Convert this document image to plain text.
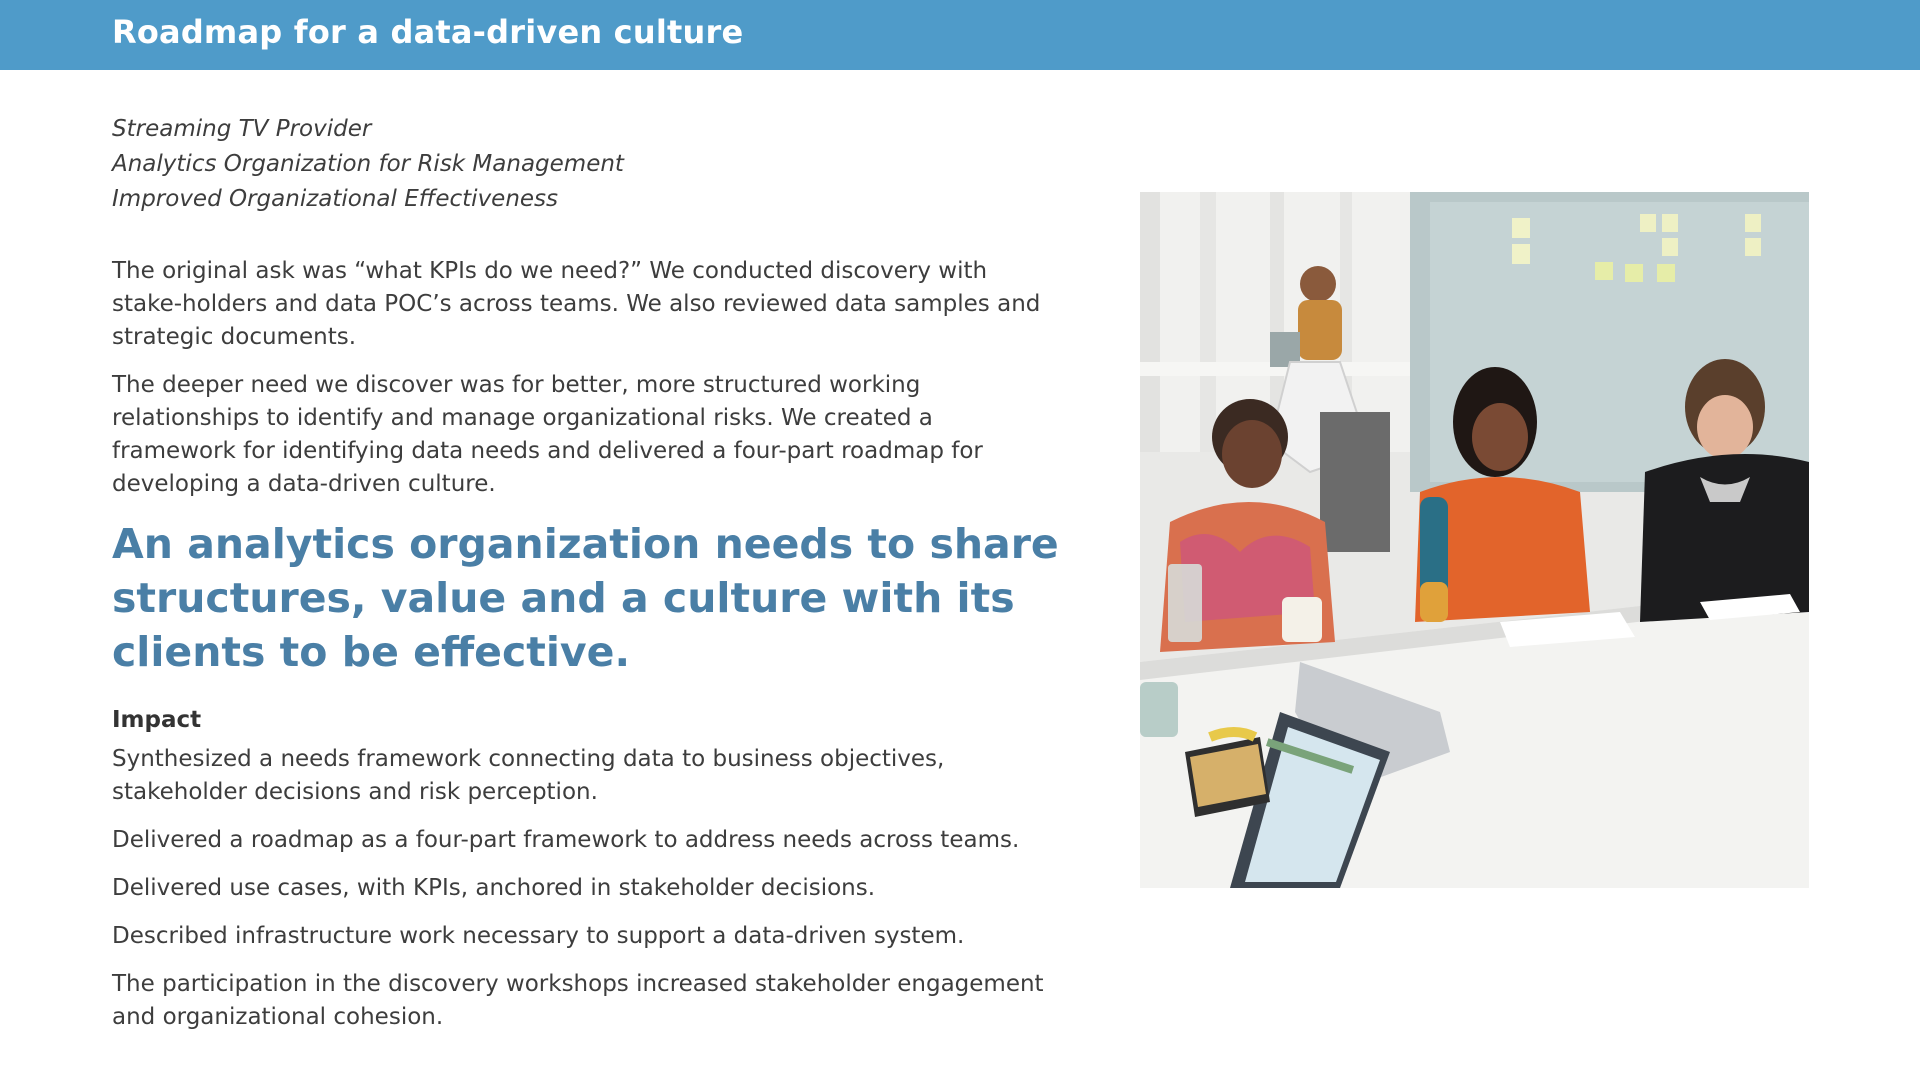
Roadmap for a data-driven culture
Streaming TV Provider
Analytics Organization for Risk Management
Improved Organizational Effectiveness

The original ask was “what KPIs do we need?” We conducted discovery with stake-holders and data POC’s across teams. We also reviewed data samples and strategic documents.

The deeper need we discover was for better, more structured working relationships to identify and manage organizational risks. We created a framework for identifying data needs and delivered a four-part roadmap for developing a data-driven culture.

An analytics organization needs to share structures, value and a culture with its clients to be effective.
Impact

Synthesized a needs framework connecting data to business objectives, stakeholder decisions and risk perception.

Delivered a roadmap as a four-part framework to address needs across teams.

Delivered use cases, with KPIs, anchored in stakeholder decisions.

Described infrastructure work necessary to support a data-driven system.

The participation in the discovery workshops increased stakeholder engagement and organizational cohesion.
